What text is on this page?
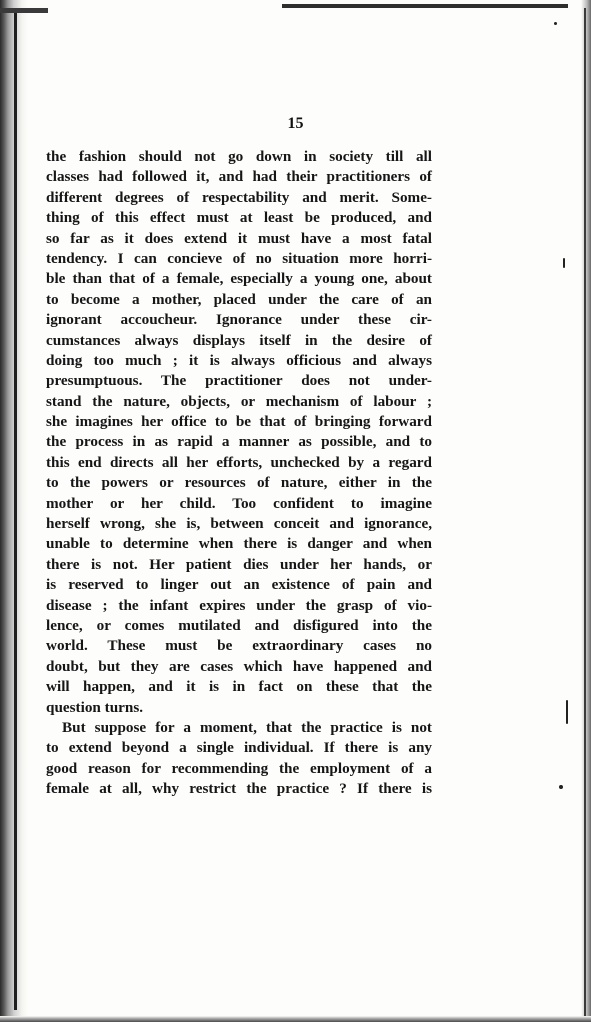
15
the fashion should not go down in society till all
classes had followed it, and had their practitioners of
different degrees of respectability and merit. Some-
thing of this effect must at least be produced, and
so far as it does extend it must have a most fatal
tendency. I can concieve of no situation more horri-
ble than that of a female, especially a young one, about
to become a mother, placed under the care of an
ignorant accoucheur. Ignorance under these cir-
cumstances always displays itself in the desire of
doing too much ; it is always officious and always
presumptuous. The practitioner does not under-
stand the nature, objects, or mechanism of labour ;
she imagines her office to be that of bringing forward
the process in as rapid a manner as possible, and to
this end directs all her efforts, unchecked by a regard
to the powers or resources of nature, either in the
mother or her child. Too confident to imagine
herself wrong, she is, between conceit and ignorance,
unable to determine when there is danger and when
there is not. Her patient dies under her hands, or
is reserved to linger out an existence of pain and
disease ; the infant expires under the grasp of vio-
lence, or comes mutilated and disfigured into the
world. These must be extraordinary cases no
doubt, but they are cases which have happened and
will happen, and it is in fact on these that the
question turns.
But suppose for a moment, that the practice is not
to extend beyond a single individual. If there is any
good reason for recommending the employment of a
female at all, why restrict the practice ? If there is
